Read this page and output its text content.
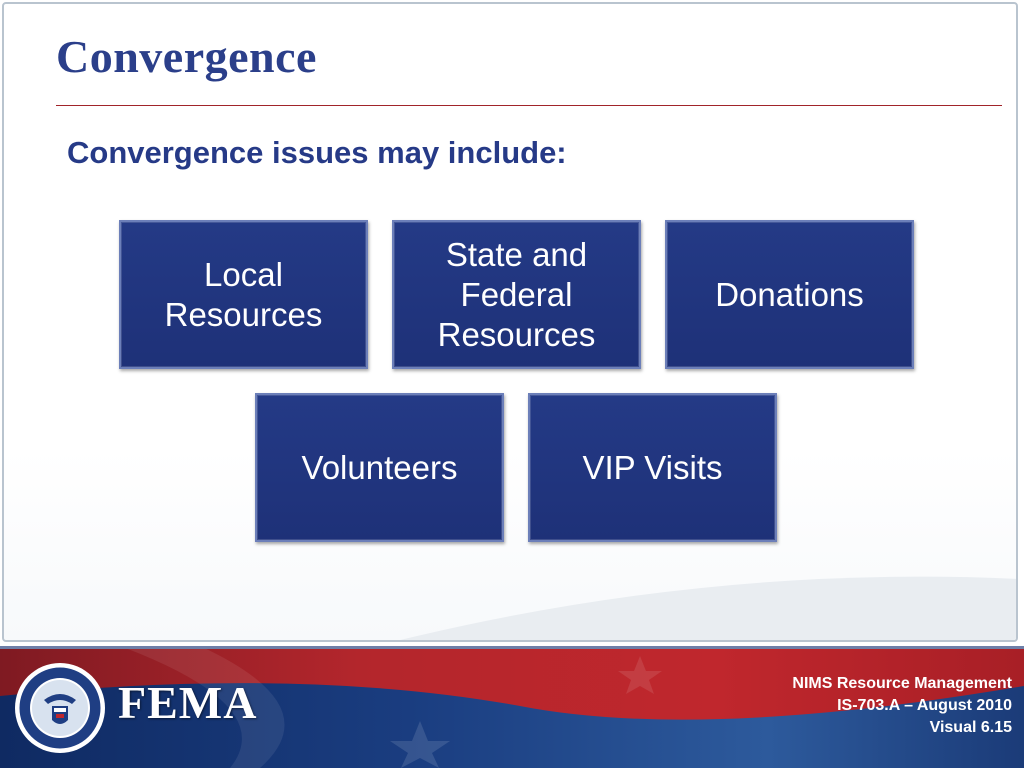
Convergence

Convergence issues may include:

Local
Resources
State and
Federal
Resources
Donations
Volunteers	VIP Visits
FEMA	NIMS Resource Management
IS-703.A – August 2010
Visual 6.15
